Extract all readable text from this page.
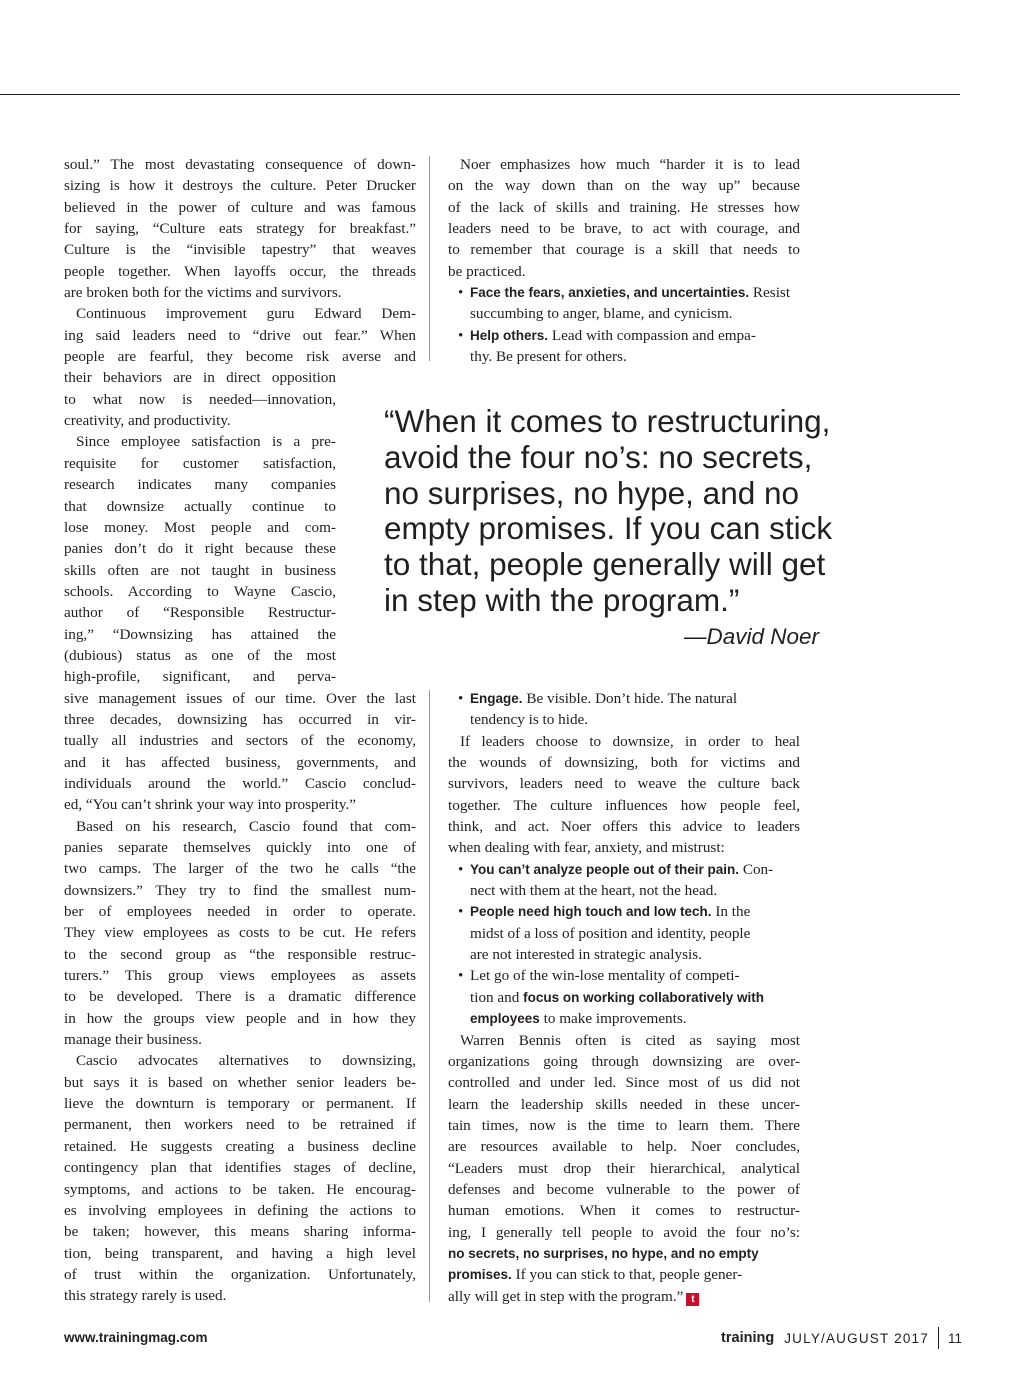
soul.” The most devastating consequence of down-
sizing is how it destroys the culture. Peter Drucker
believed in the power of culture and was famous
for saying, “Culture eats strategy for breakfast.”
Culture is the “invisible tapestry” that weaves
people together. When layoffs occur, the threads
are broken both for the victims and survivors.
Continuous improvement guru Edward Dem-
ing said leaders need to “drive out fear.” When
people are fearful, they become risk averse and
their behaviors are in direct opposition
to what now is needed—innovation,
creativity, and productivity.
Since employee satisfaction is a pre-
requisite for customer satisfaction,
research indicates many companies
that downsize actually continue to
lose money. Most people and com-
panies don’t do it right because these
skills often are not taught in business
schools. According to Wayne Cascio,
author of “Responsible Restructur-
ing,” “Downsizing has attained the
(dubious) status as one of the most
high-profile, significant, and perva-
sive management issues of our time. Over the last
three decades, downsizing has occurred in vir-
tually all industries and sectors of the economy,
and it has affected business, governments, and
individuals around the world.” Cascio conclud-
ed, “You can’t shrink your way into prosperity.”
Based on his research, Cascio found that com-
panies separate themselves quickly into one of
two camps. The larger of the two he calls “the
downsizers.” They try to find the smallest num-
ber of employees needed in order to operate.
They view employees as costs to be cut. He refers
to the second group as “the responsible restruc-
turers.” This group views employees as assets
to be developed. There is a dramatic difference
in how the groups view people and in how they
manage their business.
Cascio advocates alternatives to downsizing,
but says it is based on whether senior leaders be-
lieve the downturn is temporary or permanent. If
permanent, then workers need to be retrained if
retained. He suggests creating a business decline
contingency plan that identifies stages of decline,
symptoms, and actions to be taken. He encourag-
es involving employees in defining the actions to
be taken; however, this means sharing informa-
tion, being transparent, and having a high level
of trust within the organization. Unfortunately,
this strategy rarely is used.
Noer emphasizes how much “harder it is to lead
on the way down than on the way up” because
of the lack of skills and training. He stresses how
leaders need to be brave, to act with courage, and
to remember that courage is a skill that needs to
be practiced.
• Face the fears, anxieties, and uncertainties. Resist
succumbing to anger, blame, and cynicism.
• Help others. Lead with compassion and empa-
thy. Be present for others.
“When it comes to restructuring,
avoid the four no’s: no secrets,
no surprises, no hype, and no
empty promises. If you can stick
to that, people generally will get
in step with the program.”
—David Noer
• Engage. Be visible. Don’t hide. The natural
tendency is to hide.
If leaders choose to downsize, in order to heal
the wounds of downsizing, both for victims and
survivors, leaders need to weave the culture back
together. The culture influences how people feel,
think, and act. Noer offers this advice to leaders
when dealing with fear, anxiety, and mistrust:
• You can’t analyze people out of their pain. Con-
nect with them at the heart, not the head.
• People need high touch and low tech. In the
midst of a loss of position and identity, people
are not interested in strategic analysis.
• Let go of the win-lose mentality of competi-
tion and focus on working collaboratively with
employees to make improvements.
Warren Bennis often is cited as saying most
organizations going through downsizing are over-
controlled and under led. Since most of us did not
learn the leadership skills needed in these uncer-
tain times, now is the time to learn them. There
are resources available to help. Noer concludes,
“Leaders must drop their hierarchical, analytical
defenses and become vulnerable to the power of
human emotions. When it comes to restructur-
ing, I generally tell people to avoid the four no’s:
no secrets, no surprises, no hype, and no empty
promises. If you can stick to that, people gener-
ally will get in step with the program.” t
www.trainingmag.com	training JULY/AUGUST 2017 11
